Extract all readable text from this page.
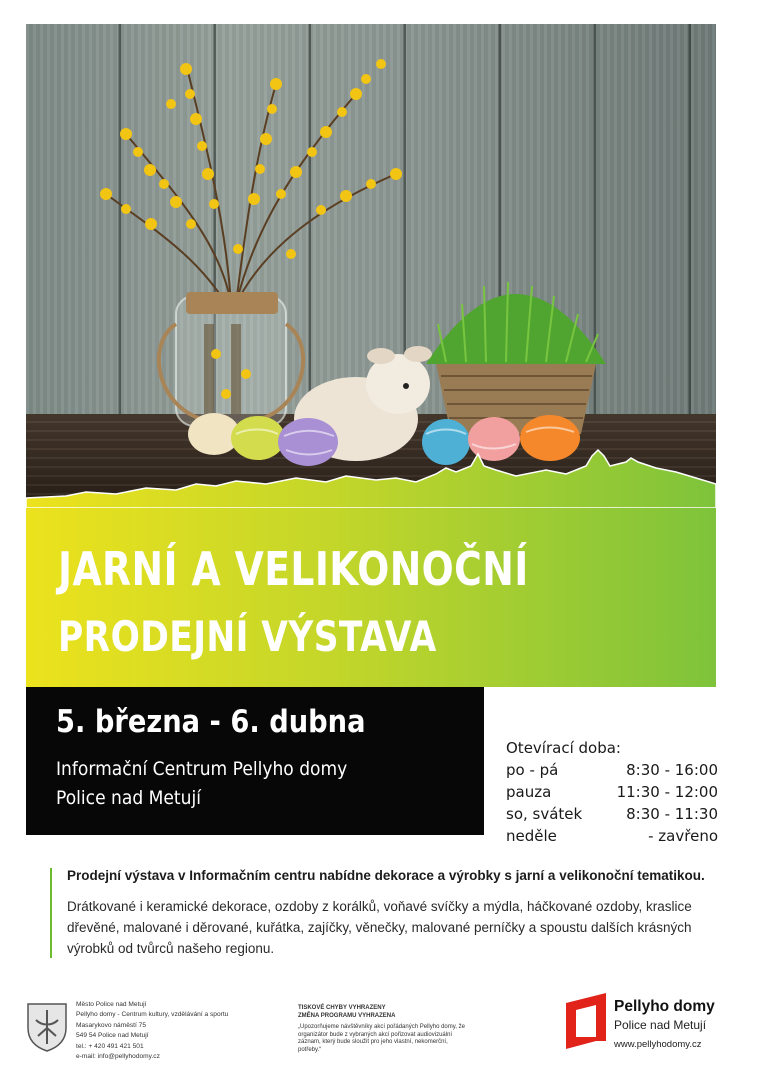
JARNÍ A VELIKONOČNÍ
PRODEJNÍ VÝSTAVA
5. března - 6. dubna
Informační Centrum Pellyho domy
Police nad Metují
Otevírací doba:
po - pá	8:30 - 16:00
pauza	11:30 - 12:00
so, svátek	8:30 - 11:30
neděle	- zavřeno
Prodejní výstava v Informačním centru nabídne dekorace a výrobky s jarní a velikonoční tematikou.
Drátkované i keramické dekorace, ozdoby z korálků, voňavé svíčky a mýdla, háčkované ozdoby, kraslice dřevěné, malované i děrované, kuřátka, zajíčky, věnečky, malované perníčky a spoustu dalších krásných výrobků od tvůrců našeho regionu.
Město Police nad Metují
Pellyho domy - Centrum kultury, vzdělávání a sportu
Masarykovo náměstí 75
549 54 Police nad Metují
tel.: + 420 491 421 501
e-mail: info@pellyhodomy.cz
TISKOVÉ CHYBY VYHRAZENY
ZMĚNA PROGRAMU VYHRAZENA
„Upozorňujeme návštěvníky akcí pořádaných Pellyho domy, že organizátor bude z vybraných akcí pořizovat audiovizuální záznam, který bude sloužit pro jeho vlastní, nekomerční, potřeby.“
Pellyho domy
Police nad Metují
www.pellyhodomy.cz
